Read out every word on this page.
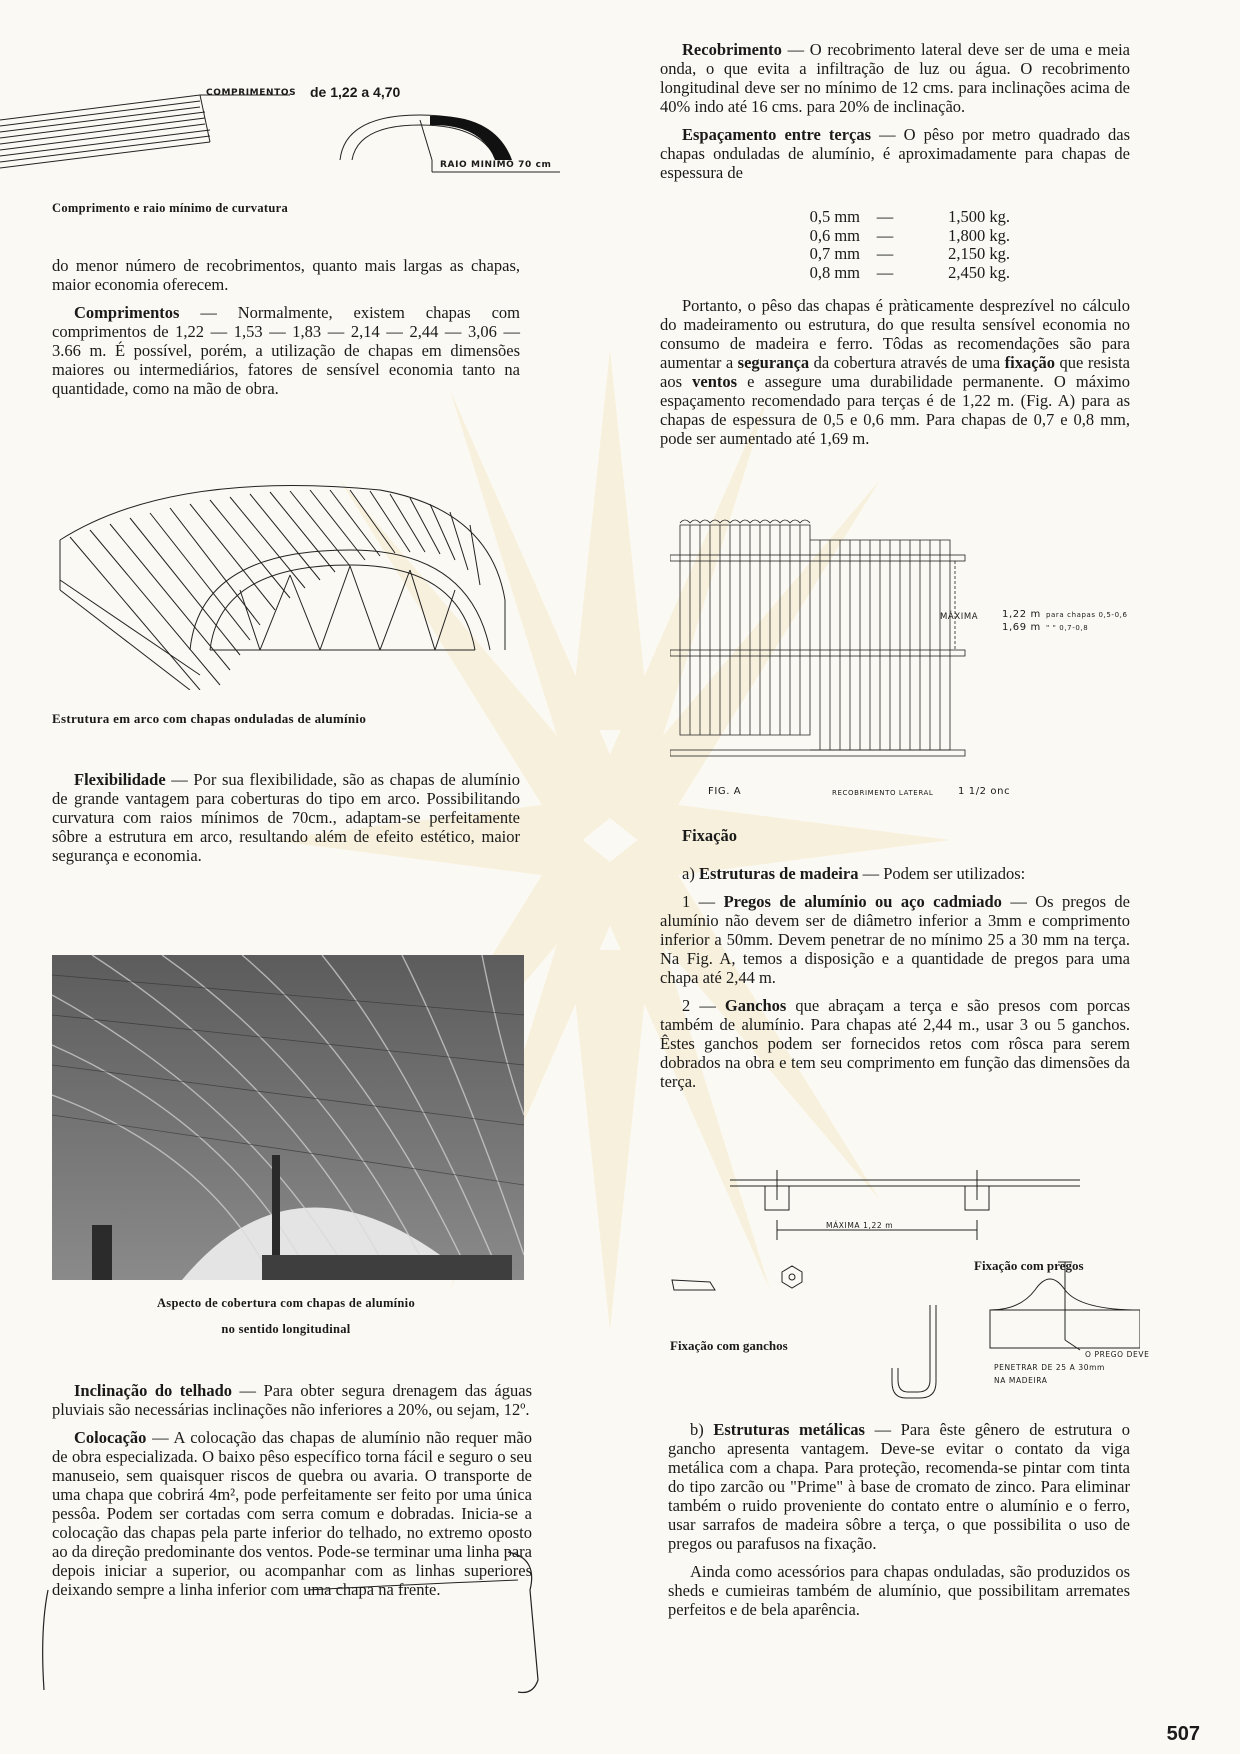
COMPRIMENTOS de 1,22 a 4,70
RAIO MINIMO 70 cm
Comprimento e raio mínimo de curvatura

do menor número de recobrimentos, quanto mais largas as chapas, maior economia oferecem.

Comprimentos — Normalmente, existem chapas com comprimentos de 1,22 — 1,53 — 1,83 — 2,14 — 2,44 — 3,06 — 3.66 m. É possível, porém, a utilização de chapas em dimensões maiores ou intermediários, fatores de sensível economia tanto na quantidade, como na mão de obra.

Estrutura em arco com chapas onduladas de alumínio

Flexibilidade — Por sua flexibilidade, são as chapas de alumínio de grande vantagem para coberturas do tipo em arco. Possibilitando curvatura com raios mínimos de 70cm., adaptam-se perfeitamente sôbre a estrutura em arco, resultando além de efeito estético, maior segurança e economia.

Aspecto de cobertura com chapas de alumínio
no sentido longitudinal

Inclinação do telhado — Para obter segura drenagem das águas pluviais são necessárias inclinações não inferiores a 20%, ou sejam, 12º.

Colocação — A colocação das chapas de alumínio não requer mão de obra especializada. O baixo pêso específico torna fácil e seguro o seu manuseio, sem quaisquer riscos de quebra ou avaria. O transporte de uma chapa que cobrirá 4m², pode perfeitamente ser feito por uma única pessôa. Podem ser cortadas com serra comum e dobradas. Inicia-se a colocação das chapas pela parte inferior do telhado, no extremo oposto ao da direção predominante dos ventos. Pode-se terminar uma linha para depois iniciar a superior, ou acompanhar com as linhas superiores deixando sempre a linha inferior com uma chapa na frente.

Recobrimento — O recobrimento lateral deve ser de uma e meia onda, o que evita a infiltração de luz ou água. O recobrimento longitudinal deve ser no mínimo de 12 cms. para inclinações acima de 40% indo até 16 cms. para 20% de inclinação.

Espaçamento entre terças — O pêso por metro quadrado das chapas onduladas de alumínio, é aproximadamente para chapas de espessura de

0,5 mm	—	1,500 kg.
0,6 mm	—	1,800 kg.
0,7 mm	—	2,150 kg.
0,8 mm	—	2,450 kg.

Portanto, o pêso das chapas é pràticamente desprezível no cálculo do madeiramento ou estrutura, do que resulta sensível economia no consumo de madeira e ferro. Tôdas as recomendações são para aumentar a segurança da cobertura através de uma fixação que resista aos ventos e assegure uma durabilidade permanente. O máximo espaçamento recomendado para terças é de 1,22 m. (Fig. A) para as chapas de espessura de 0,5 e 0,6 mm. Para chapas de 0,7 e 0,8 mm, pode ser aumentado até 1,69 m.

MÁXIMA 1,22 m para chapas 0,5-0,6
1,69 m " " 0,7-0,8
FIG. A	RECOBRIMENTO LATERAL 1 1/2 onc

Fixação

a) Estruturas de madeira — Podem ser utilizados:

1 — Pregos de alumínio ou aço cadmiado — Os pregos de alumínio não devem ser de diâmetro inferior a 3mm e comprimento inferior a 50mm. Devem penetrar de no mínimo 25 a 30 mm na terça. Na Fig. A, temos a disposição e a quantidade de pregos para uma chapa até 2,44 m.

2 — Ganchos que abraçam a terça e são presos com porcas também de alumínio. Para chapas até 2,44 m., usar 3 ou 5 ganchos. Êstes ganchos podem ser fornecidos retos com rôsca para serem dobrados na obra e tem seu comprimento em função das dimensões da terça.

MÁXIMA 1,22 m
Fixação com pregos
Fixação com ganchos
O PREGO DEVE
PENETRAR DE 25 A 30mm
NA MADEIRA

b) Estruturas metálicas — Para êste gênero de estrutura o gancho apresenta vantagem. Deve-se evitar o contato da viga metálica com a chapa. Para proteção, recomenda-se pintar com tinta do tipo zarcão ou "Prime" à base de cromato de zinco. Para eliminar também o ruido proveniente do contato entre o alumínio e o ferro, usar sarrafos de madeira sôbre a terça, o que possibilita o uso de pregos ou parafusos na fixação.

Ainda como acessórios para chapas onduladas, são produzidos os sheds e cumieiras também de alumínio, que possibilitam arremates perfeitos e de bela aparência.

507
